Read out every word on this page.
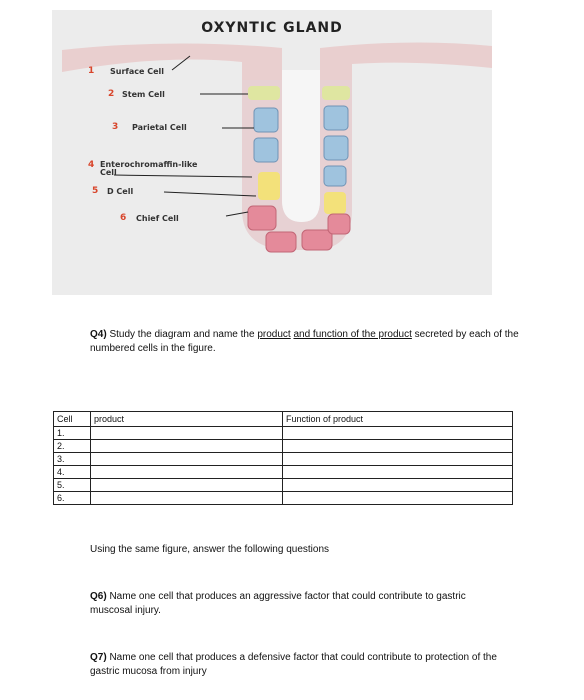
OXYNTIC GLAND
1 Surface Cell
2 Stem Cell
3 Parietal Cell
4 Enterochromaffin-like Cell
5 D Cell
6 Chief Cell
Q4) Study the diagram and name the product and function of the product secreted by each of the numbered cells in the figure.
Cell	product	Function of product
1.		
2.		
3.		
4.		
5.		
6.		
Using the same figure, answer the following questions
Q6) Name one cell that produces an aggressive factor that could contribute to gastric muscosal injury.
Q7) Name one cell that produces a defensive factor that could contribute to protection of the gastric mucosa from injury
